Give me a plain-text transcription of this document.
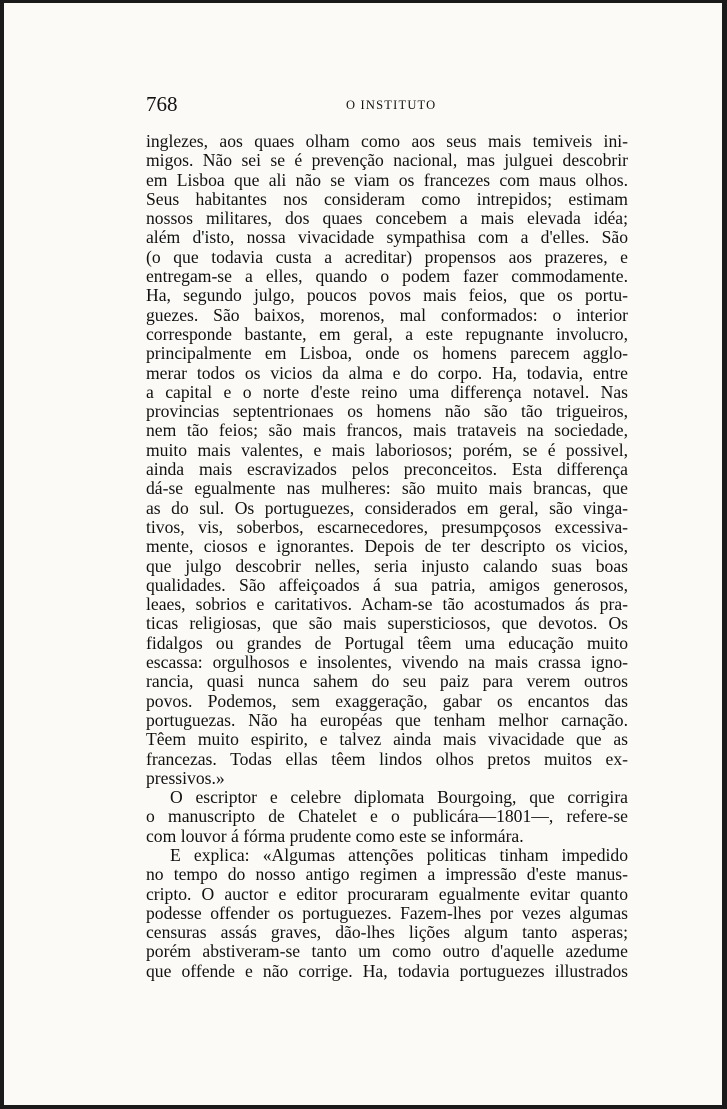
768	O INSTITUTO
inglezes, aos quaes olham como aos seus mais temiveis ini-
migos. Não sei se é prevenção nacional, mas julguei descobrir
em Lisboa que ali não se viam os francezes com maus olhos.
Seus habitantes nos consideram como intrepidos; estimam
nossos militares, dos quaes concebem a mais elevada idéa;
além d'isto, nossa vivacidade sympathisa com a d'elles. São
(o que todavia custa a acreditar) propensos aos prazeres, e
entregam-se a elles, quando o podem fazer commodamente.
Ha, segundo julgo, poucos povos mais feios, que os portu-
guezes. São baixos, morenos, mal conformados: o interior
corresponde bastante, em geral, a este repugnante involucro,
principalmente em Lisboa, onde os homens parecem agglo-
merar todos os vicios da alma e do corpo. Ha, todavia, entre
a capital e o norte d'este reino uma differença notavel. Nas
provincias septentrionaes os homens não são tão trigueiros,
nem tão feios; são mais francos, mais trataveis na sociedade,
muito mais valentes, e mais laboriosos; porém, se é possivel,
ainda mais escravizados pelos preconceitos. Esta differença
dá-se egualmente nas mulheres: são muito mais brancas, que
as do sul. Os portuguezes, considerados em geral, são vinga-
tivos, vis, soberbos, escarnecedores, presumpçosos excessiva-
mente, ciosos e ignorantes. Depois de ter descripto os vicios,
que julgo descobrir nelles, seria injusto calando suas boas
qualidades. São affeiçoados á sua patria, amigos generosos,
leaes, sobrios e caritativos. Acham-se tão acostumados ás pra-
ticas religiosas, que são mais supersticiosos, que devotos. Os
fidalgos ou grandes de Portugal têem uma educação muito
escassa: orgulhosos e insolentes, vivendo na mais crassa igno-
rancia, quasi nunca sahem do seu paiz para verem outros
povos. Podemos, sem exaggeração, gabar os encantos das
portuguezas. Não ha européas que tenham melhor carnação.
Têem muito espirito, e talvez ainda mais vivacidade que as
francezas. Todas ellas têem lindos olhos pretos muitos ex-
pressivos.»
O escriptor e celebre diplomata Bourgoing, que corrigira
o manuscripto de Chatelet e o publicára—1801—, refere-se
com louvor á fórma prudente como este se informára.
E explica: «Algumas attenções politicas tinham impedido
no tempo do nosso antigo regimen a impressão d'este manus-
cripto. O auctor e editor procuraram egualmente evitar quanto
podesse offender os portuguezes. Fazem-lhes por vezes algumas
censuras assás graves, dão-lhes lições algum tanto asperas;
porém abstiveram-se tanto um como outro d'aquelle azedume
que offende e não corrige. Ha, todavia portuguezes illustrados
